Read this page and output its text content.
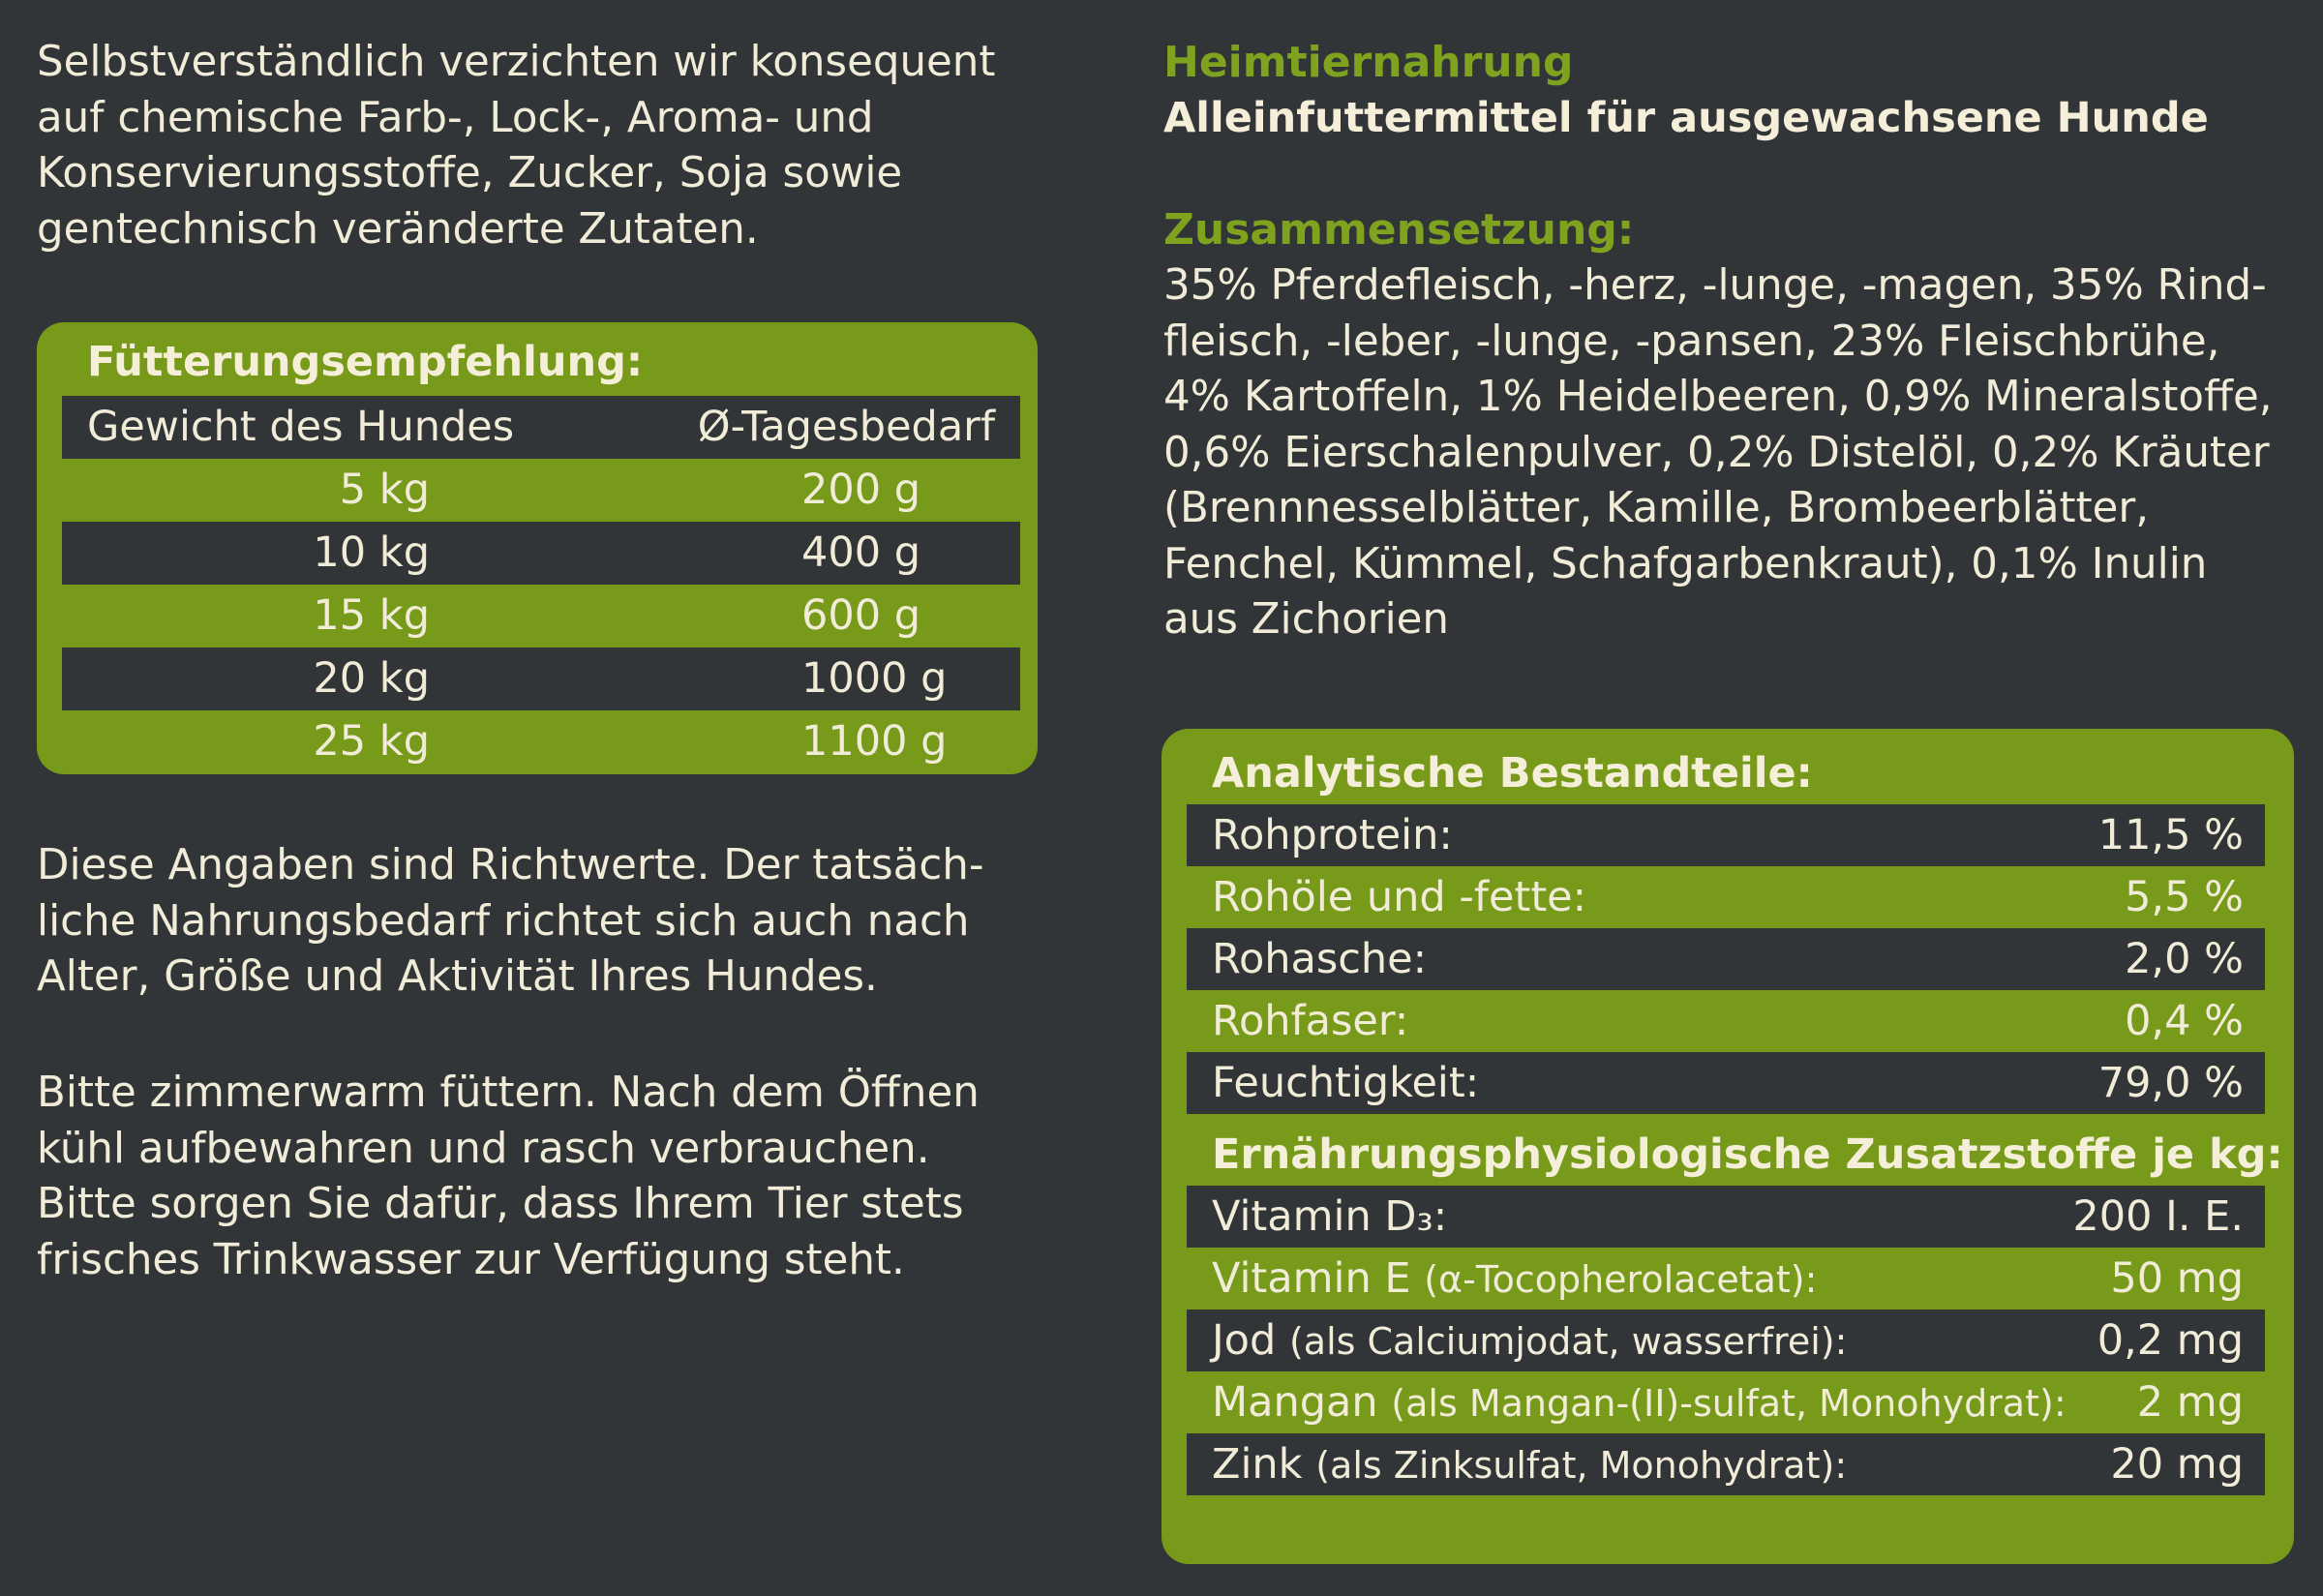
Selbstverständlich verzichten wir konsequent
auf chemische Farb-, Lock-, Aroma- und
Konservierungsstoffe, Zucker, Soja sowie
gentechnisch veränderte Zutaten.

Fütterungsempfehlung:
Gewicht des Hundes	Ø-Tagesbedarf
5 kg	200 g
10 kg	400 g
15 kg	600 g
20 kg	1000 g
25 kg	1100 g

Diese Angaben sind Richtwerte. Der tatsäch-
liche Nahrungsbedarf richtet sich auch nach
Alter, Größe und Aktivität Ihres Hundes.

Bitte zimmerwarm füttern. Nach dem Öffnen
kühl aufbewahren und rasch verbrauchen.
Bitte sorgen Sie dafür, dass Ihrem Tier stets
frisches Trinkwasser zur Verfügung steht.

Heimtiernahrung

Alleinfuttermittel für ausgewachsene Hunde

Zusammensetzung:

35% Pferdefleisch, -herz, -lunge, -magen, 35% Rind-
fleisch, -leber, -lunge, -pansen, 23% Fleischbrühe,
4% Kartoffeln, 1% Heidelbeeren, 0,9% Mineralstoffe,
0,6% Eierschalenpulver, 0,2% Distelöl, 0,2% Kräuter
(Brennnesselblätter, Kamille, Brombeerblätter,
Fenchel, Kümmel, Schafgarbenkraut), 0,1% Inulin
aus Zichorien

Analytische Bestandteile:
Rohprotein:	11,5 %
Rohöle und -fette:	5,5 %
Rohasche:	2,0 %
Rohfaser:	0,4 %
Feuchtigkeit:	79,0 %
Ernährungsphysiologische Zusatzstoffe je kg:
Vitamin D₃:	200 I. E.
Vitamin E (α-Tocopherolacetat):	50 mg
Jod (als Calciumjodat, wasserfrei):	0,2 mg
Mangan (als Mangan-(II)-sulfat, Monohydrat): 2 mg
Zink (als Zinksulfat, Monohydrat):	20 mg
